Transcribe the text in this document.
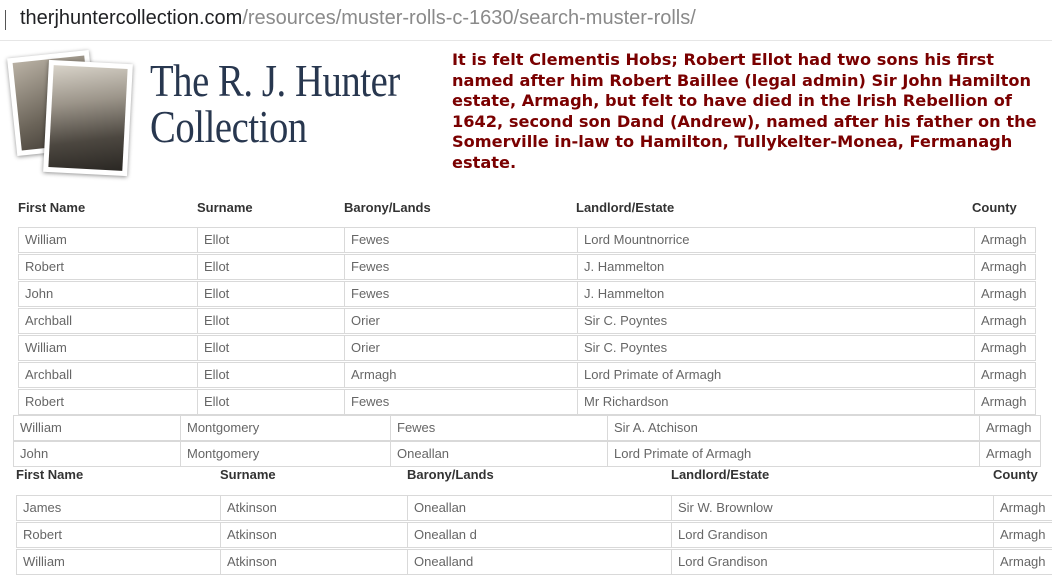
therjhuntercollection.com/resources/muster-rolls-c-1630/search-muster-rolls/
The R. J. Hunter
Collection
It is felt Clementis Hobs; Robert Ellot had two sons his first
named after him Robert Baillee (legal admin) Sir John Hamilton
estate, Armagh, but felt to have died in the Irish Rebellion of
1642, second son Dand (Andrew), named after his father on the
Somerville in-law to Hamilton, Tullykelter-Monea, Fermanagh
estate.
First Name	Surname	Barony/Lands	Landlord/Estate	County
William	Ellot	Fewes	Lord Mountnorrice	Armagh
Robert	Ellot	Fewes	J. Hammelton	Armagh
John	Ellot	Fewes	J. Hammelton	Armagh
Archball	Ellot	Orier	Sir C. Poyntes	Armagh
William	Ellot	Orier	Sir C. Poyntes	Armagh
Archball	Ellot	Armagh	Lord Primate of Armagh	Armagh
Robert	Ellot	Fewes	Mr Richardson	Armagh
William	Montgomery	Fewes	Sir A. Atchison	Armagh
John	Montgomery	Oneallan	Lord Primate of Armagh	Armagh
First Name	Surname	Barony/Lands	Landlord/Estate	County
James	Atkinson	Oneallan	Sir W. Brownlow	Armagh
Robert	Atkinson	Oneallan d	Lord Grandison	Armagh
William	Atkinson	Onealland	Lord Grandison	Armagh
